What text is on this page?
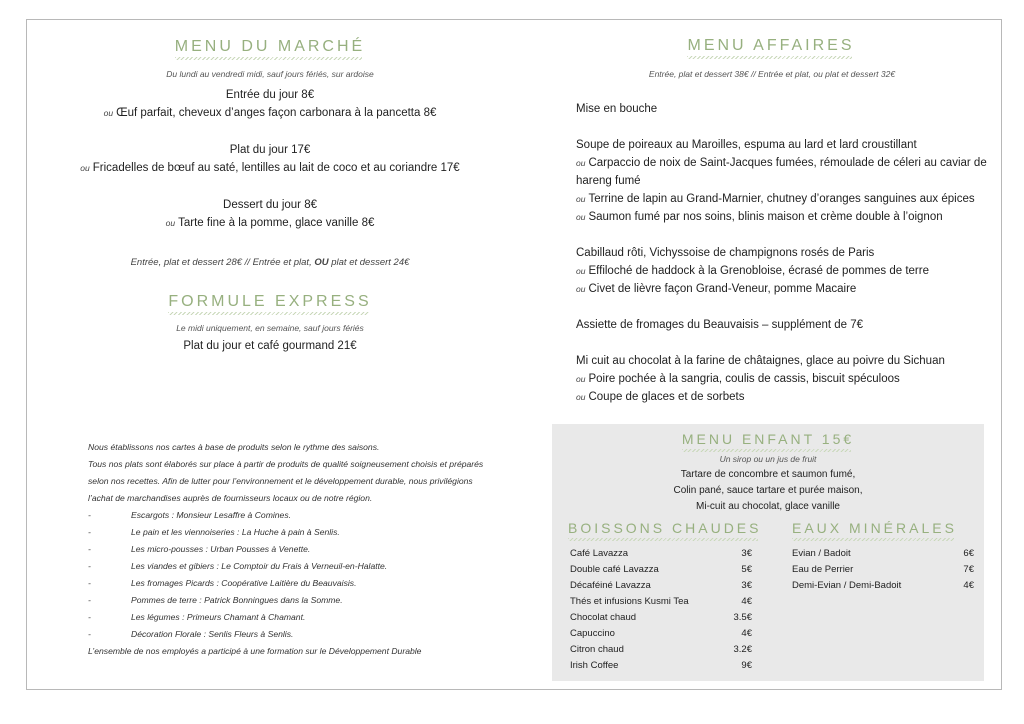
MENU DU MARCHÉ
Du lundi au vendredi midi, sauf jours fériés, sur ardoise
Entrée du jour 8€
ou Œuf parfait, cheveux d’anges façon carbonara à la pancetta 8€
Plat du jour 17€
ou Fricadelles de bœuf au saté, lentilles au lait de coco et au coriandre 17€
Dessert du jour 8€
ou Tarte fine à la pomme, glace vanille 8€
Entrée, plat et dessert 28€ // Entrée et plat, OU plat et dessert 24€
FORMULE EXPRESS
Le midi uniquement, en semaine, sauf jours fériés
Plat du jour et café gourmand 21€
Nous établissons nos cartes à base de produits selon le rythme des saisons.
Tous nos plats sont élaborés sur place à partir de produits de qualité soigneusement choisis et préparés
selon nos recettes. Afin de lutter pour l’environnement et le développement durable, nous privilégions
l’achat de marchandises auprès de fournisseurs locaux ou de notre région.
-	Escargots : Monsieur Lesaffre à Comines.
-	Le pain et les viennoiseries : La Huche à pain à Senlis.
-	Les micro-pousses : Urban Pousses à Venette.
-	Les viandes et gibiers : Le Comptoir du Frais à Verneuil-en-Halatte.
-	Les fromages Picards : Coopérative Laitière du Beauvaisis.
-	Pommes de terre : Patrick Bonningues dans la Somme.
-	Les légumes : Primeurs Chamant à Chamant.
-	Décoration Florale : Senlis Fleurs à Senlis.
L’ensemble de nos employés a participé à une formation sur le Développement Durable
MENU AFFAIRES
Entrée, plat et dessert 38€ // Entrée et plat, ou plat et dessert 32€
Mise en bouche
Soupe de poireaux au Maroilles, espuma au lard et lard croustillant
ou Carpaccio de noix de Saint-Jacques fumées, rémoulade de céleri au caviar de hareng fumé
ou Terrine de lapin au Grand-Marnier, chutney d’oranges sanguines aux épices
ou Saumon fumé par nos soins, blinis maison et crème double à l’oignon
Cabillaud rôti, Vichyssoise de champignons rosés de Paris
ou Effiloché de haddock à la Grenobloise, écrasé de pommes de terre
ou Civet de lièvre façon Grand-Veneur, pomme Macaire
Assiette de fromages du Beauvaisis – supplément de 7€
Mi cuit au chocolat à la farine de châtaignes, glace au poivre du Sichuan
ou Poire pochée à la sangria, coulis de cassis, biscuit spéculoos
ou Coupe de glaces et de sorbets
MENU ENFANT 15€
Un sirop ou un jus de fruit
Tartare de concombre et saumon fumé,
Colin pané, sauce tartare et purée maison,
Mi-cuit au chocolat, glace vanille
BOISSONS CHAUDES EAUX MINÉRALES
Café Lavazza	3€
Double café Lavazza	5€
Décaféiné Lavazza	3€
Thés et infusions Kusmi Tea	4€
Chocolat chaud	3.5€
Capuccino	4€
Citron chaud	3.2€
Irish Coffee	9€
Evian / Badoit	6€
Eau de Perrier	7€
Demi-Evian / Demi-Badoit	4€
